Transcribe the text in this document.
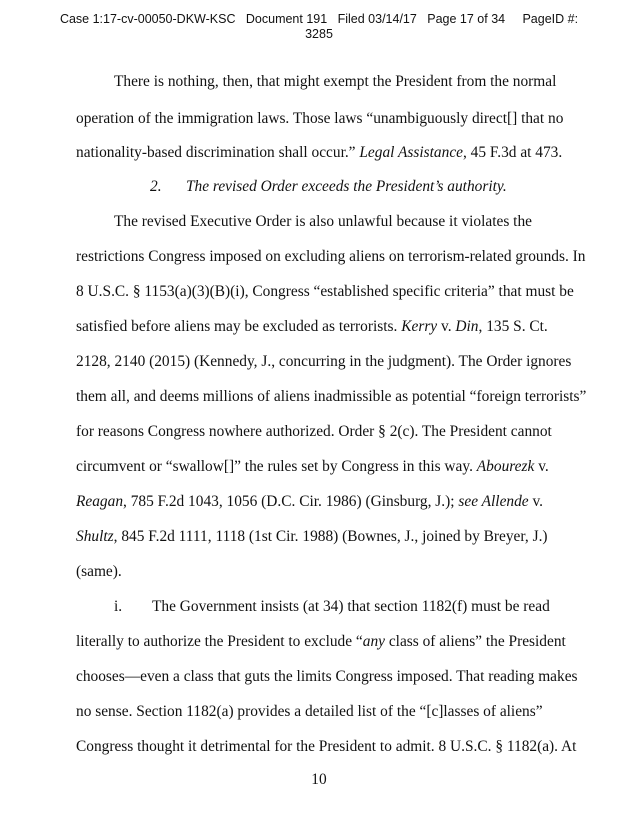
Case 1:17-cv-00050-DKW-KSC   Document 191   Filed 03/14/17   Page 17 of 34     PageID #:
3285
There is nothing, then, that might exempt the President from the normal
operation of the immigration laws. Those laws “unambiguously direct[] that no
nationality-based discrimination shall occur.” Legal Assistance, 45 F.3d at 473.
2. The revised Order exceeds the President’s authority.
The revised Executive Order is also unlawful because it violates the
restrictions Congress imposed on excluding aliens on terrorism-related grounds. In
8 U.S.C. § 1153(a)(3)(B)(i), Congress “established specific criteria” that must be
satisfied before aliens may be excluded as terrorists. Kerry v. Din, 135 S. Ct.
2128, 2140 (2015) (Kennedy, J., concurring in the judgment). The Order ignores
them all, and deems millions of aliens inadmissible as potential “foreign terrorists”
for reasons Congress nowhere authorized. Order § 2(c). The President cannot
circumvent or “swallow[]” the rules set by Congress in this way. Abourezk v.
Reagan, 785 F.2d 1043, 1056 (D.C. Cir. 1986) (Ginsburg, J.); see Allende v.
Shultz, 845 F.2d 1111, 1118 (1st Cir. 1988) (Bownes, J., joined by Breyer, J.)
(same).
i. The Government insists (at 34) that section 1182(f) must be read
literally to authorize the President to exclude “any class of aliens” the President
chooses—even a class that guts the limits Congress imposed. That reading makes
no sense. Section 1182(a) provides a detailed list of the “[c]lasses of aliens”
Congress thought it detrimental for the President to admit. 8 U.S.C. § 1182(a). At
10
